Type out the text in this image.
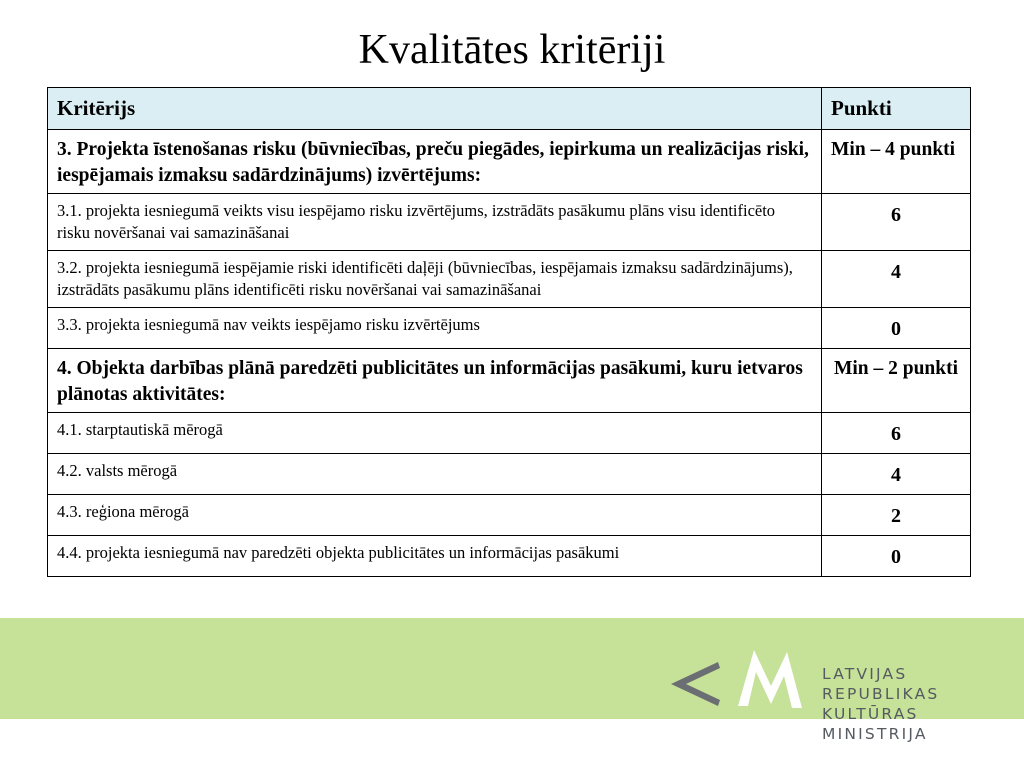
Kvalitātes kritēriji
Kritērijs	Punkti
3. Projekta īstenošanas risku (būvniecības, preču piegādes, iepirkuma un realizācijas riski, iespējamais izmaksu sadārdzinājums) izvērtējums:	Min – 4 punkti
3.1. projekta iesniegumā veikts visu iespējamo risku izvērtējums, izstrādāts pasākumu plāns visu identificēto risku novēršanai vai samazināšanai	6
3.2. projekta iesniegumā iespējamie riski identificēti daļēji (būvniecības, iespējamais izmaksu sadārdzinājums), izstrādāts pasākumu plāns identificēti risku novēršanai vai samazināšanai	4
3.3. projekta iesniegumā nav veikts iespējamo risku izvērtējums	0
4. Objekta darbības plānā paredzēti publicitātes un informācijas pasākumi, kuru ietvaros plānotas aktivitātes:	Min – 2 punkti
4.1. starptautiskā mērogā	6
4.2. valsts mērogā	4
4.3. reģiona mērogā	2
4.4. projekta iesniegumā nav paredzēti objekta publicitātes un informācijas pasākumi	0
LATVIJAS REPUBLIKAS
KULTŪRAS MINISTRIJA
